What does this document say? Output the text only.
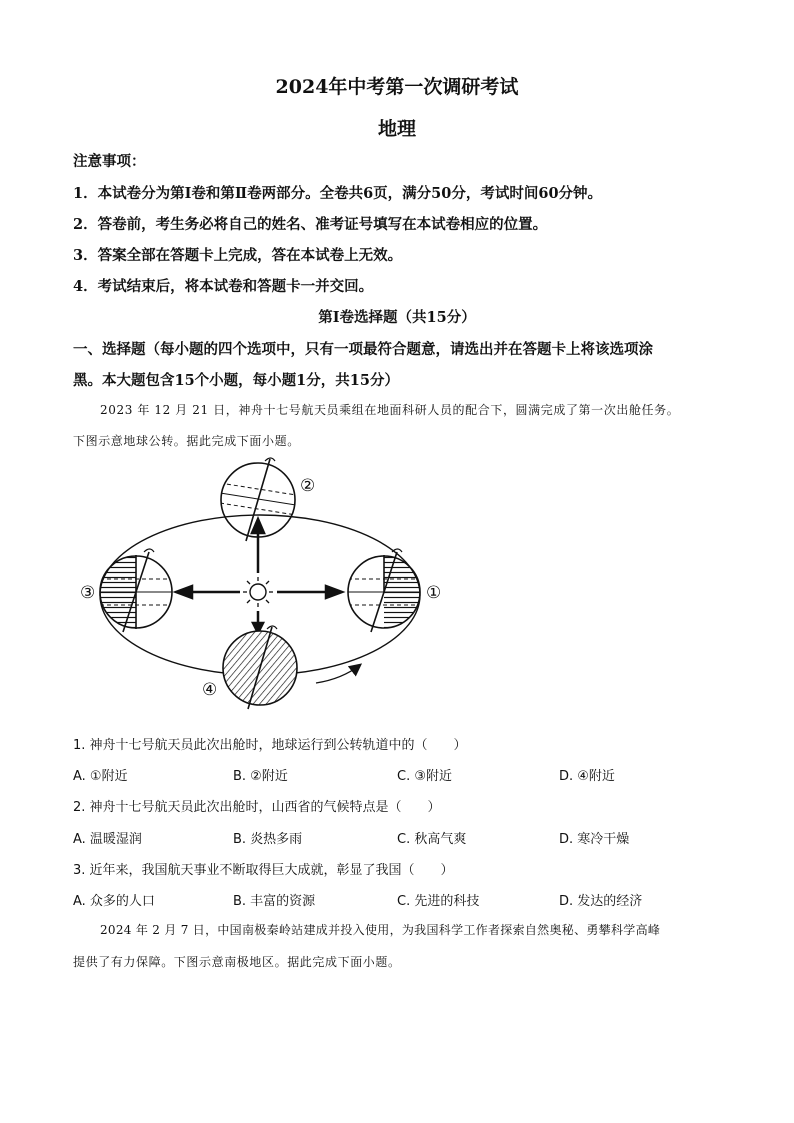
2024年中考第一次调研考试
地理
注意事项：
1．本试卷分为第Ⅰ卷和第Ⅱ卷两部分。全卷共6页，满分50分，考试时间60分钟。
2．答卷前，考生务必将自己的姓名、准考证号填写在本试卷相应的位置。
3．答案全部在答题卡上完成，答在本试卷上无效。
4．考试结束后，将本试卷和答题卡一并交回。
第Ⅰ卷选择题（共15分）
一、选择题（每小题的四个选项中，只有一项最符合题意，请选出并在答题卡上将该选项涂
黑。本大题包含15个小题，每小题1分，共15分）
2023 年 12 月 21 日，神舟十七号航天员乘组在地面科研人员的配合下，圆满完成了第一次出舱任务。
下图示意地球公转。据此完成下面小题。
②
①
③
④
1. 神舟十七号航天员此次出舱时，地球运行到公转轨道中的（　　）
A. ①附近	B. ②附近	C. ③附近	D. ④附近
2. 神舟十七号航天员此次出舱时，山西省的气候特点是（　　）
A. 温暖湿润	B. 炎热多雨	C. 秋高气爽	D. 寒冷干燥
3. 近年来，我国航天事业不断取得巨大成就，彰显了我国（　　）
A. 众多的人口	B. 丰富的资源	C. 先进的科技	D. 发达的经济
2024 年 2 月 7 日，中国南极秦岭站建成并投入使用，为我国科学工作者探索自然奥秘、勇攀科学高峰
提供了有力保障。下图示意南极地区。据此完成下面小题。
